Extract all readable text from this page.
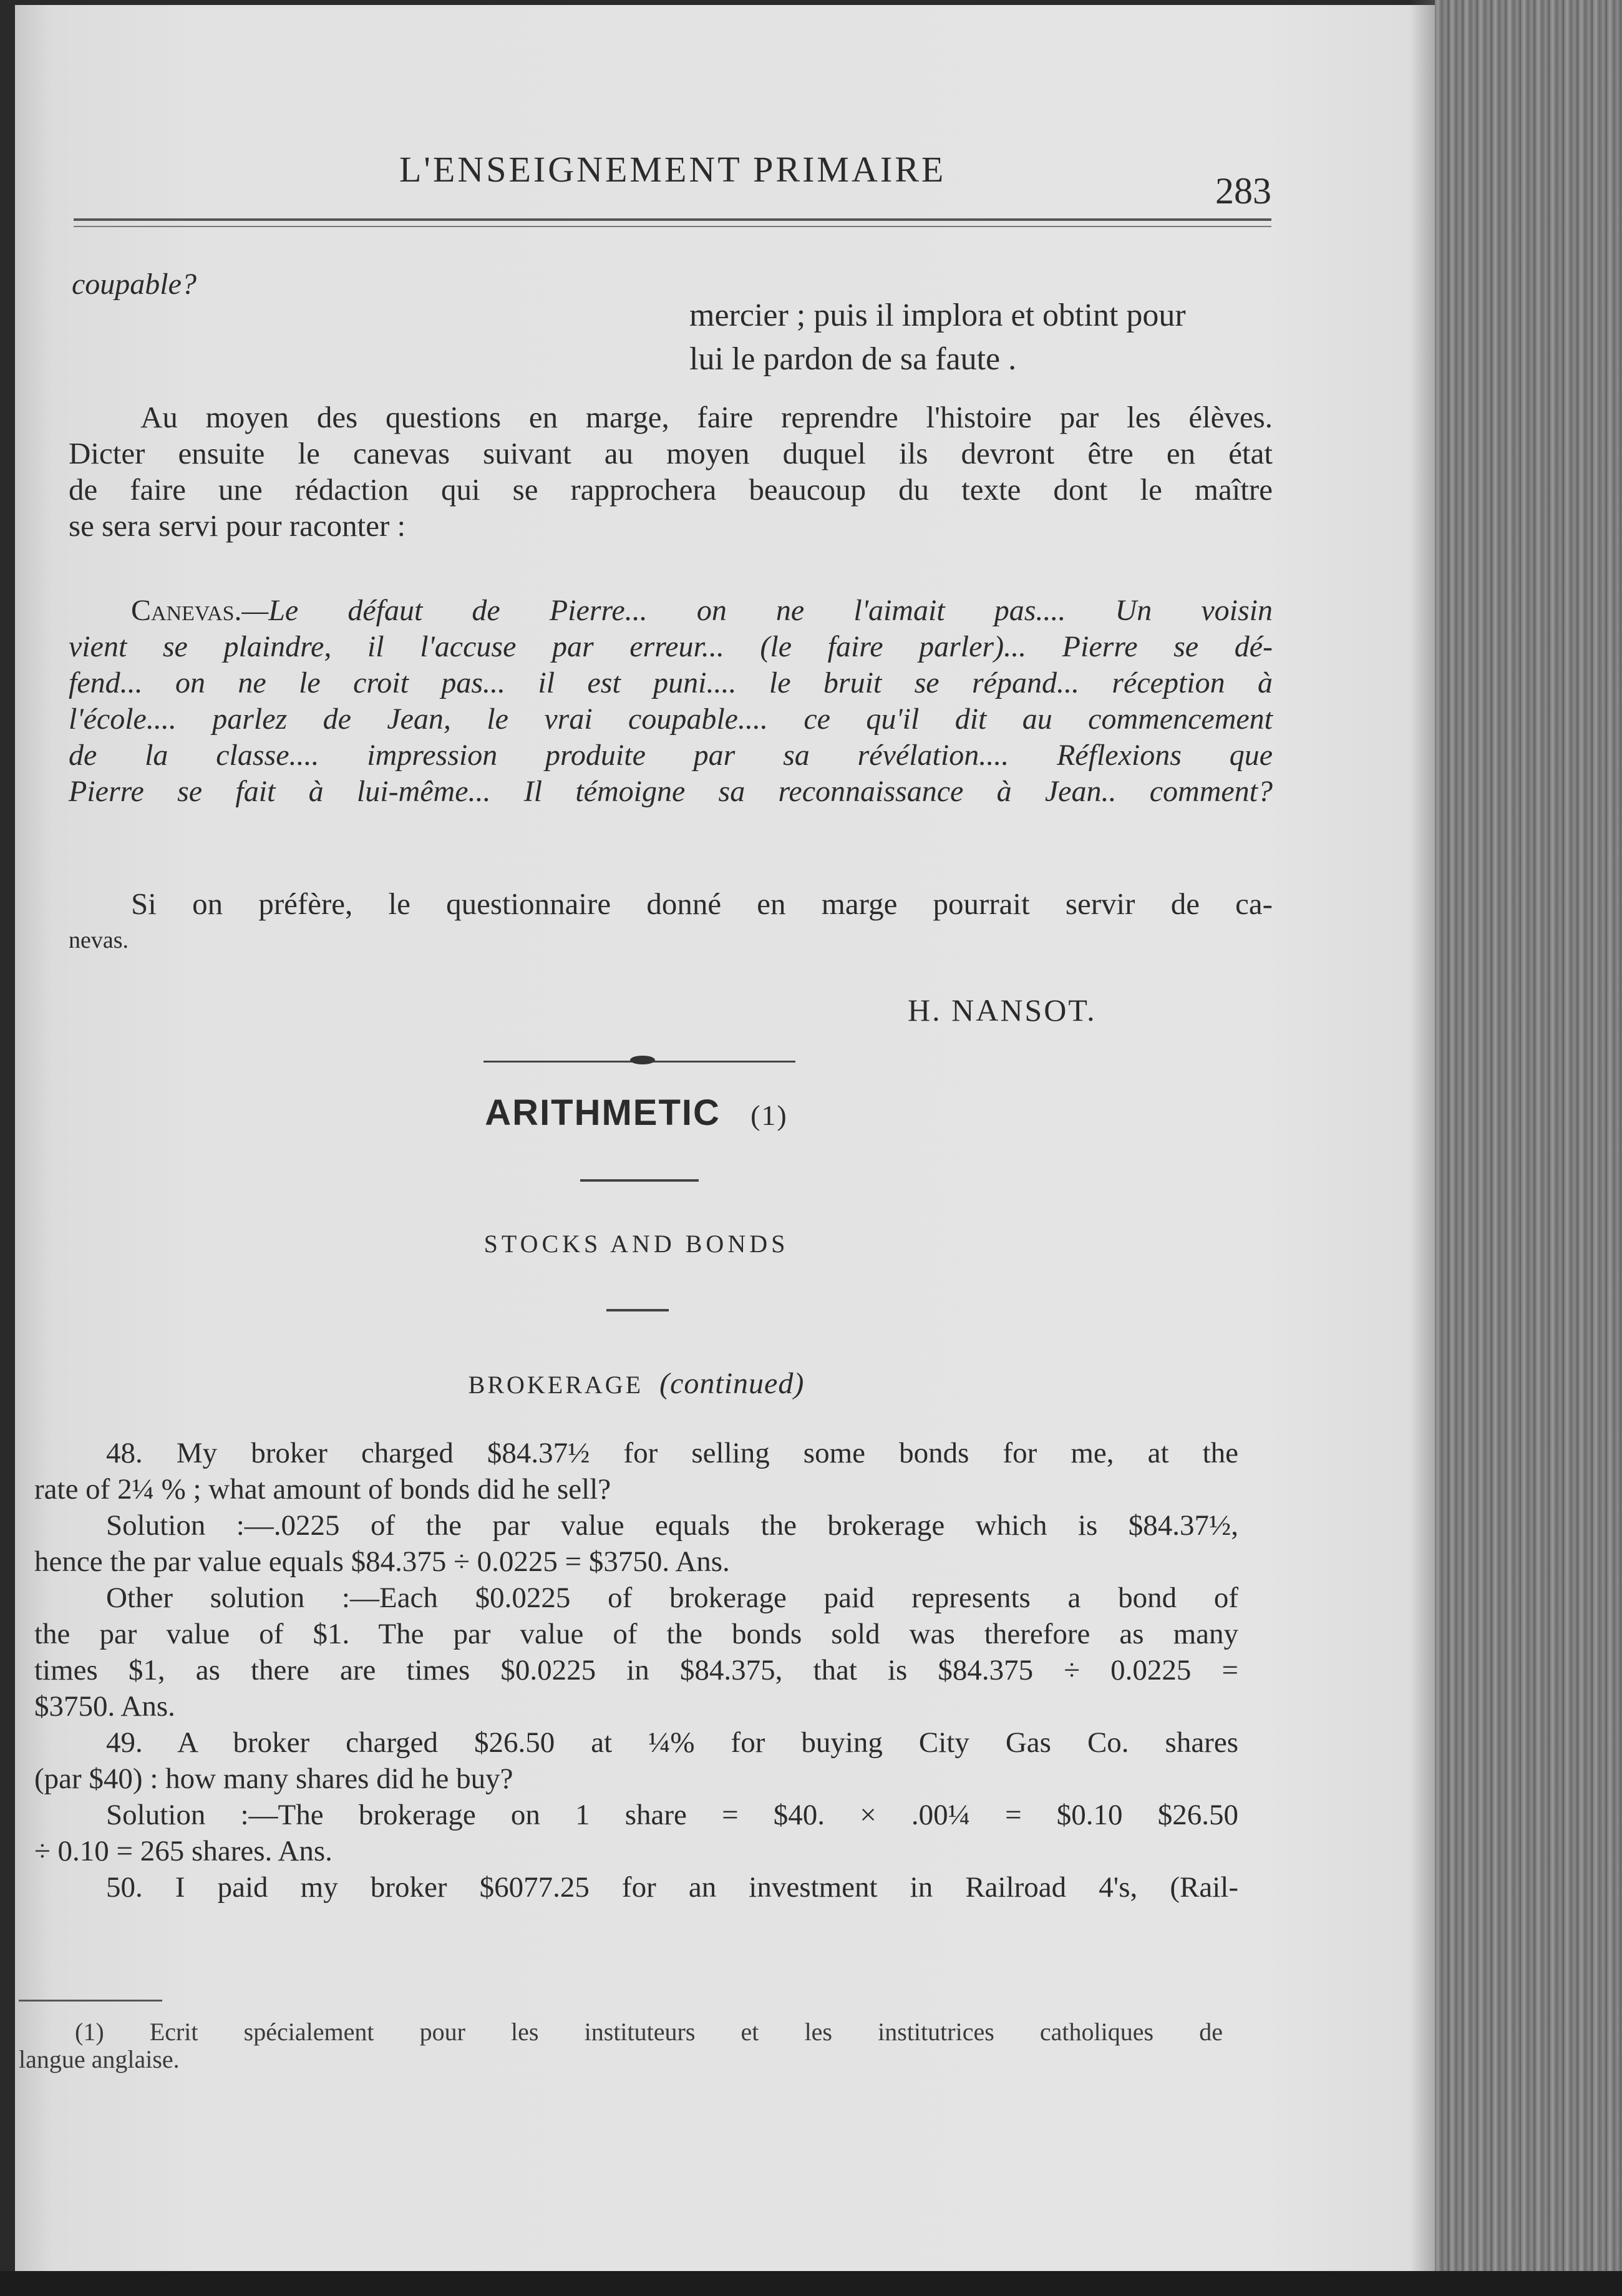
L'ENSEIGNEMENT PRIMAIRE
283
coupable?
mercier ; puis il implora et obtint pour
lui le pardon de sa faute .
Au moyen des questions en marge, faire reprendre l'histoire par les élèves.
Dicter ensuite le canevas suivant au moyen duquel ils devront être en état
de faire une rédaction qui se rapprochera beaucoup du texte dont le maître
se sera servi pour raconter :
Canevas.—Le défaut de Pierre... on ne l'aimait pas.... Un voisin
vient se plaindre, il l'accuse par erreur... (le faire parler)... Pierre se dé-
fend... on ne le croit pas... il est puni.... le bruit se répand... réception à
l'école.... parlez de Jean, le vrai coupable.... ce qu'il dit au commencement
de la classe.... impression produite par sa révélation.... Réflexions que
Pierre se fait à lui-même... Il témoigne sa reconnaissance à Jean.. comment?
Si on préfère, le questionnaire donné en marge pourrait servir de ca-
nevas.
H. NANSOT.
ARITHMETIC (1)
STOCKS AND BONDS
BROKERAGE (continued)
48. My broker charged $84.37½ for selling some bonds for me, at the
rate of 2¼ % ; what amount of bonds did he sell?
Solution :—.0225 of the par value equals the brokerage which is $84.37½,
hence the par value equals $84.375 ÷ 0.0225 = $3750. Ans.
Other solution :—Each $0.0225 of brokerage paid represents a bond of
the par value of $1. The par value of the bonds sold was therefore as many
times $1, as there are times $0.0225 in $84.375, that is $84.375 ÷ 0.0225 =
$3750. Ans.
49. A broker charged $26.50 at ¼% for buying City Gas Co. shares
(par $40) : how many shares did he buy?
Solution :—The brokerage on 1 share = $40. × .00¼ = $0.10 $26.50
÷ 0.10 = 265 shares. Ans.
50. I paid my broker $6077.25 for an investment in Railroad 4's, (Rail-
(1) Ecrit spécialement pour les instituteurs et les institutrices catholiques de
langue anglaise.
